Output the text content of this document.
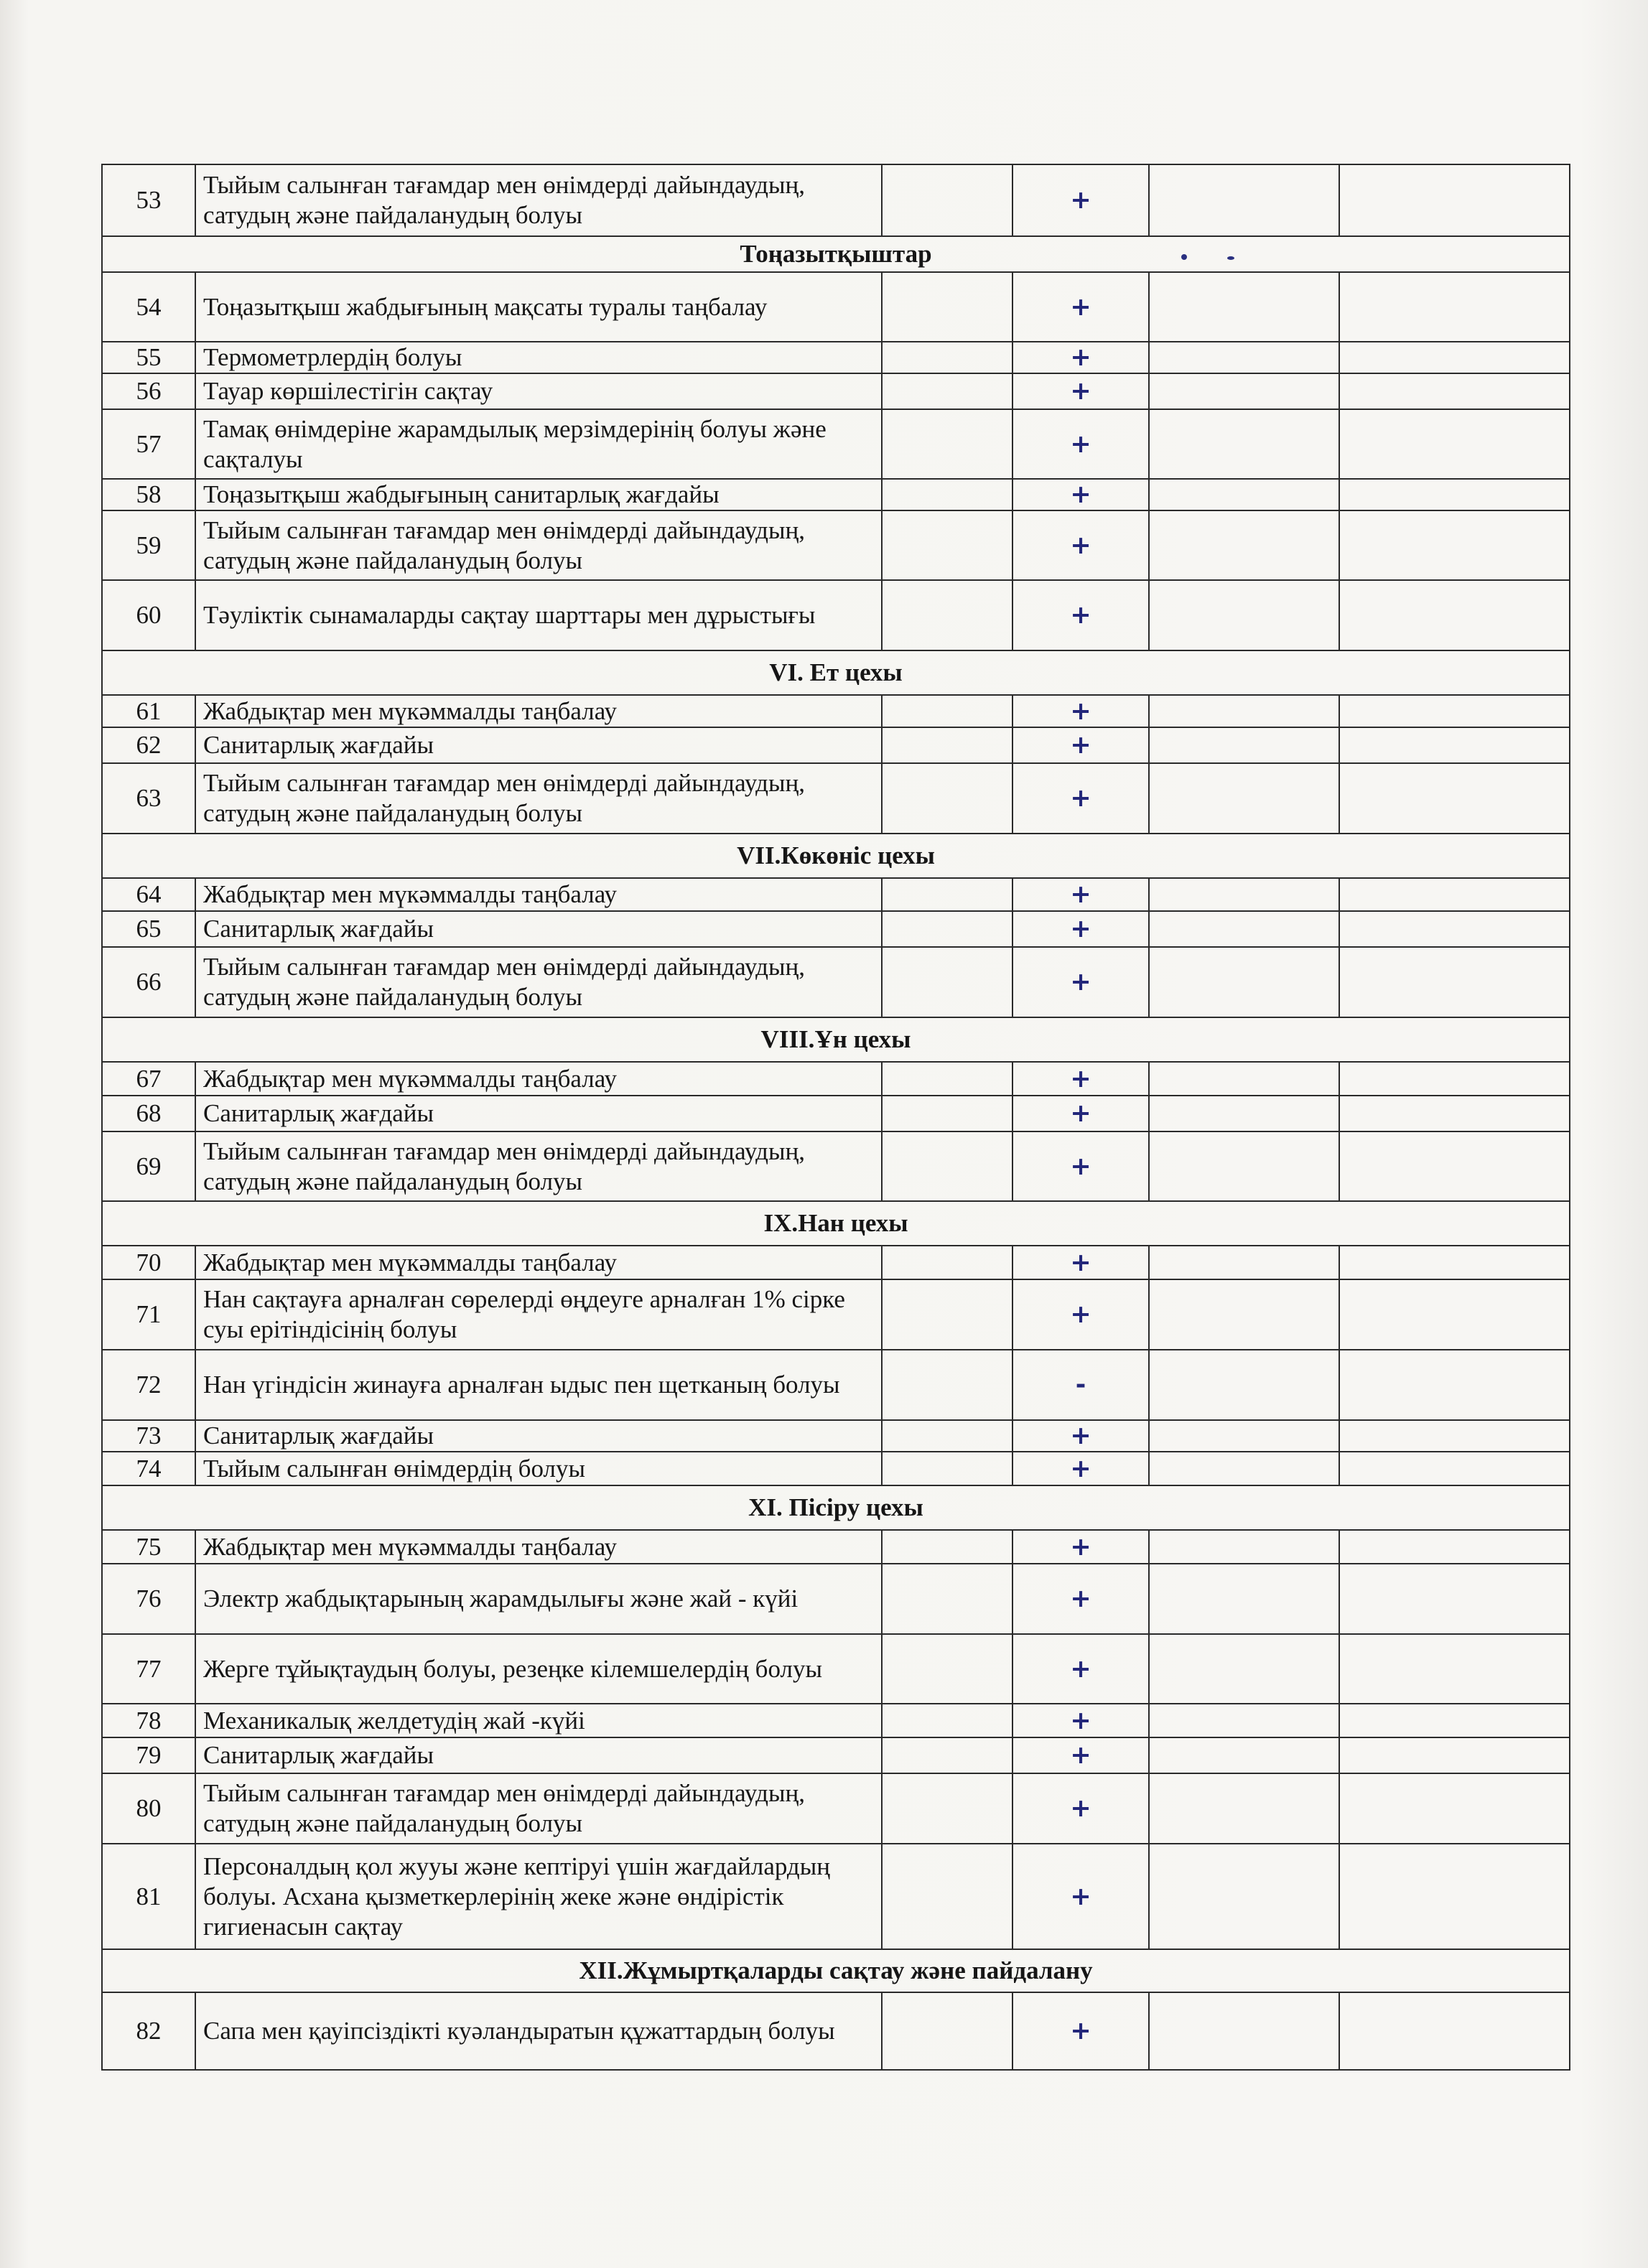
53	Тыйым салынған тағамдар мен өнімдерді дайындаудың, сатудың және пайдаланудың болуы		+		
Тоңазытқыштар					
54	Тоңазытқыш жабдығының мақсаты туралы таңбалау		+		
55	Термометрлердің болуы		+		
56	Тауар көршілестігін сақтау		+		
57	Тамақ өнімдеріне жарамдылық мерзімдерінің болуы және сақталуы		+		
58	Тоңазытқыш жабдығының санитарлық жағдайы		+		
59	Тыйым салынған тағамдар мен өнімдерді дайындаудың, сатудың және пайдаланудың болуы		+		
60	Тәуліктік сынамаларды сақтау шарттары мен дұрыстығы		+		
VI. Ет цехы					
61	Жабдықтар мен мүкәммалды таңбалау		+		
62	Санитарлық жағдайы		+		
63	Тыйым салынған тағамдар мен өнімдерді дайындаудың, сатудың және пайдаланудың болуы		+		
VII.Көкөніс цехы					
64	Жабдықтар мен мүкәммалды таңбалау		+		
65	Санитарлық жағдайы		+		
66	Тыйым салынған тағамдар мен өнімдерді дайындаудың, сатудың және пайдаланудың болуы		+		
VIII.Ұн цехы					
67	Жабдықтар мен мүкәммалды таңбалау		+		
68	Санитарлық жағдайы		+		
69	Тыйым салынған тағамдар мен өнімдерді дайындаудың, сатудың және пайдаланудың болуы		+		
IX.Нан цехы					
70	Жабдықтар мен мүкәммалды таңбалау		+		
71	Нан сақтауға арналған сөрелерді өңдеуге арналған 1% сірке суы ерітіндісінің болуы		+		
72	Нан үгіндісін жинауға арналған ыдыс пен щетканың болуы		-		
73	Санитарлық жағдайы		+		
74	Тыйым салынған өнімдердің болуы		+		
XI. Пісіру цехы					
75	Жабдықтар мен мүкәммалды таңбалау		+		
76	Электр жабдықтарының жарамдылығы және жай - күйі		+		
77	Жерге тұйықтаудың болуы, резеңке кілемшелердің болуы		+		
78	Механикалық желдетудің жай -күйі		+		
79	Санитарлық жағдайы		+		
80	Тыйым салынған тағамдар мен өнімдерді дайындаудың, сатудың және пайдаланудың болуы		+		
81	Персоналдың қол жууы және кептіруі үшін жағдайлардың болуы. Асхана қызметкерлерінің жеке және өндірістік гигиенасын сақтау		+		
XII.Жұмыртқаларды сақтау және пайдалану					
82	Сапа мен қауіпсіздікті куәландыратын құжаттардың болуы		+		
